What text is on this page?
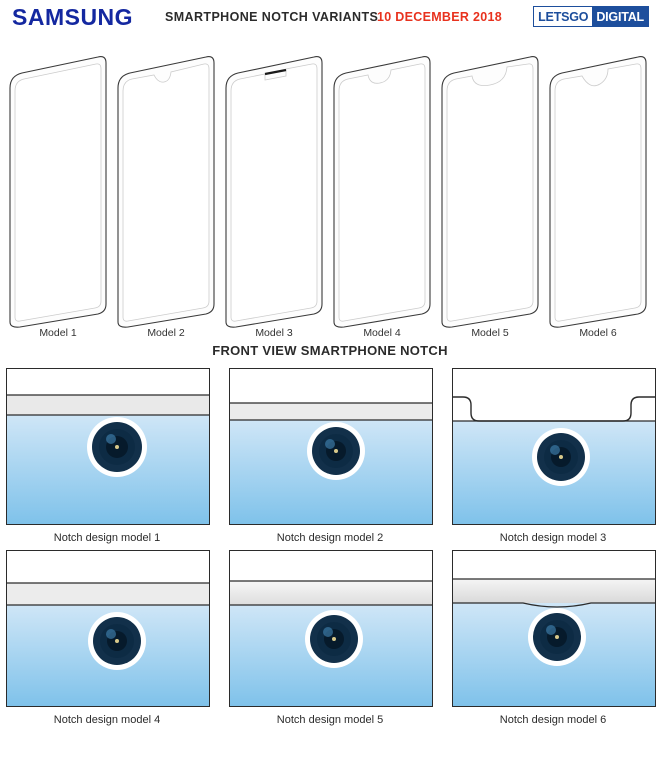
SAMSUNG	SMARTPHONE NOTCH VARIANTS
10 DECEMBER 2018	LETSGO DIGITAL
Model 1	Model 2	Model 3	Model 4	Model 5	Model 6
FRONT VIEW SMARTPHONE NOTCH
Notch design model 1	Notch design model 2	Notch design model 3
Notch design model 4	Notch design model 5	Notch design model 6
